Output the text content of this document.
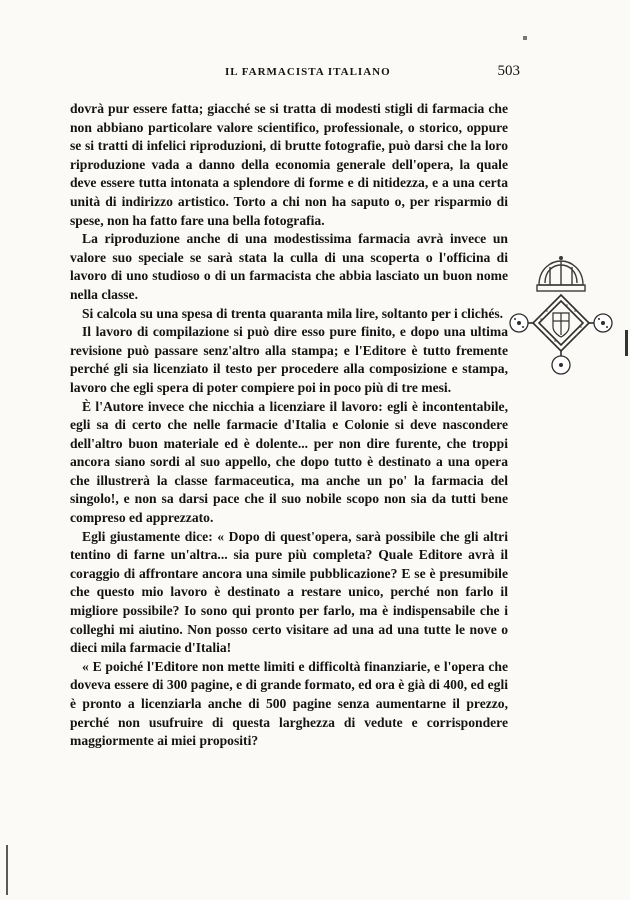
IL FARMACISTA ITALIANO	503

dovrà pur essere fatta; giacché se si tratta di modesti stigli di farmacia che non abbiano particolare valore scientifico, professionale, o storico, oppure se si tratti di infelici riproduzioni, di brutte fotografie, può darsi che la loro riproduzione vada a danno della economia generale dell'opera, la quale deve essere tutta intonata a splendore di forme e di nitidezza, e a una certa unità di indirizzo artistico. Torto a chi non ha saputo o, per risparmio di spese, non ha fatto fare una bella fotografia.

La riproduzione anche di una modestissima farmacia avrà invece un valore suo speciale se sarà stata la culla di una scoperta o l'officina di lavoro di uno studioso o di un farmacista che abbia lasciato un buon nome nella classe.

Si calcola su una spesa di trenta quaranta mila lire, soltanto per i clichés.

Il lavoro di compilazione si può dire esso pure finito, e dopo una ultima revisione può passare senz'altro alla stampa; e l'Editore è tutto fremente perché gli sia licenziato il testo per procedere alla composizione e stampa, lavoro che egli spera di poter compiere poi in poco più di tre mesi.

È l'Autore invece che nicchia a licenziare il lavoro: egli è incontentabile, egli sa di certo che nelle farmacie d'Italia e Colonie si deve nascondere dell'altro buon materiale ed è dolente... per non dire furente, che troppi ancora siano sordi al suo appello, che dopo tutto è destinato a una opera che illustrerà la classe farmaceutica, ma anche un po' la farmacia del singolo!, e non sa darsi pace che il suo nobile scopo non sia da tutti bene compreso ed apprezzato.

Egli giustamente dice: « Dopo di quest'opera, sarà possibile che gli altri tentino di farne un'altra... sia pure più completa? Quale Editore avrà il coraggio di affrontare ancora una simile pubblicazione? E se è presumibile che questo mio lavoro è destinato a restare unico, perché non farlo il migliore possibile? Io sono qui pronto per farlo, ma è indispensabile che i colleghi mi aiutino. Non posso certo visitare ad una ad una tutte le nove o dieci mila farmacie d'Italia!

« E poiché l'Editore non mette limiti e difficoltà finanziarie, e l'opera che doveva essere di 300 pagine, e di grande formato, ed ora è già di 400, ed egli è pronto a licenziarla anche di 500 pagine senza aumentarne il prezzo, perché non usufruire di questa larghezza di vedute e corrispondere maggiormente ai miei propositi?
